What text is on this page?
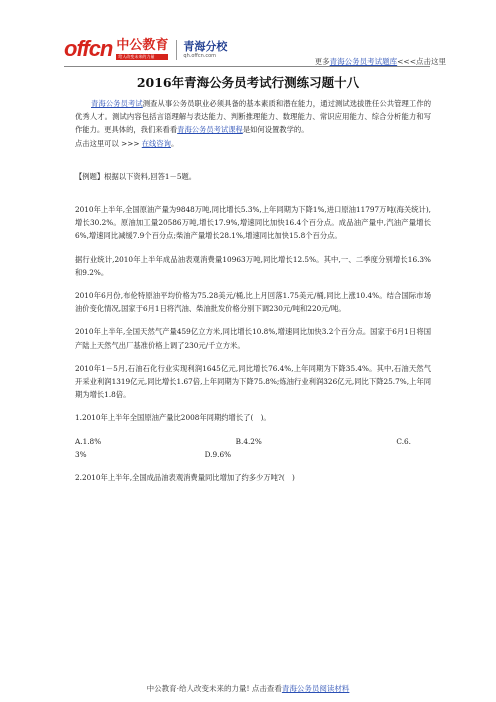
offcn 中公教育
给人改变未来的力量
青海分校
qh.offcn.com
更多青海公务员考试题库<<<点击这里
2016年青海公务员考试行测练习题十八

青海公务员考试测查从事公务员职业必须具备的基本素质和潜在能力，通过测试选拔胜任公共管理工作的优秀人才。测试内容包括言语理解与表达能力、判断推理能力、数理能力、常识应用能力、综合分析能力和写作能力。更具体的，我们来看看青海公务员考试课程是如何设置教学的。

点击这里可以 >>> 在线咨询。

【例题】根据以下资料,回答1－5题。

2010年上半年,全国原油产量为9848万吨,同比增长5.3%,上年同期为下降1%,进口原油11797万吨(海关统计),增长30.2%。原油加工量20586万吨,增长17.9%,增速同比加快16.4个百分点。成品油产量中,汽油产量增长6%,增速同比减缓7.9个百分点;柴油产量增长28.1%,增速同比加快15.8个百分点。

据行业统计,2010年上半年成品油表观消费量10963万吨,同比增长12.5%。其中,一、二季度分别增长16.3%和9.2%。

2010年6月份,布伦特原油平均价格为75.28美元/桶,比上月回落1.75美元/桶,同比上涨10.4%。结合国际市场油价变化情况,国家于6月1日将汽油、柴油批发价格分别下调230元/吨和220元/吨。

2010年上半年,全国天然气产量459亿立方米,同比增长10.8%,增速同比加快3.2个百分点。国家于6月1日将国产陆上天然气出厂基准价格上调了230元/千立方米。

2010年1－5月,石油石化行业实现利润1645亿元,同比增长76.4%,上年同期为下降35.4%。其中,石油天然气开采业利润1319亿元,同比增长1.67倍,上年同期为下降75.8%;炼油行业利润326亿元,同比下降25.7%,上年同期为增长1.8倍。

1.2010年上半年全国原油产量比2008年同期约增长了(　)。

A.1.8%	B.4.2%	C.6.
3%	D.9.6%

2.2010年上半年,全国成品油表观消费量同比增加了约多少万吨?(　)

中公教育·给人改变未来的力量! 点击查看青海公务员阅读材料
